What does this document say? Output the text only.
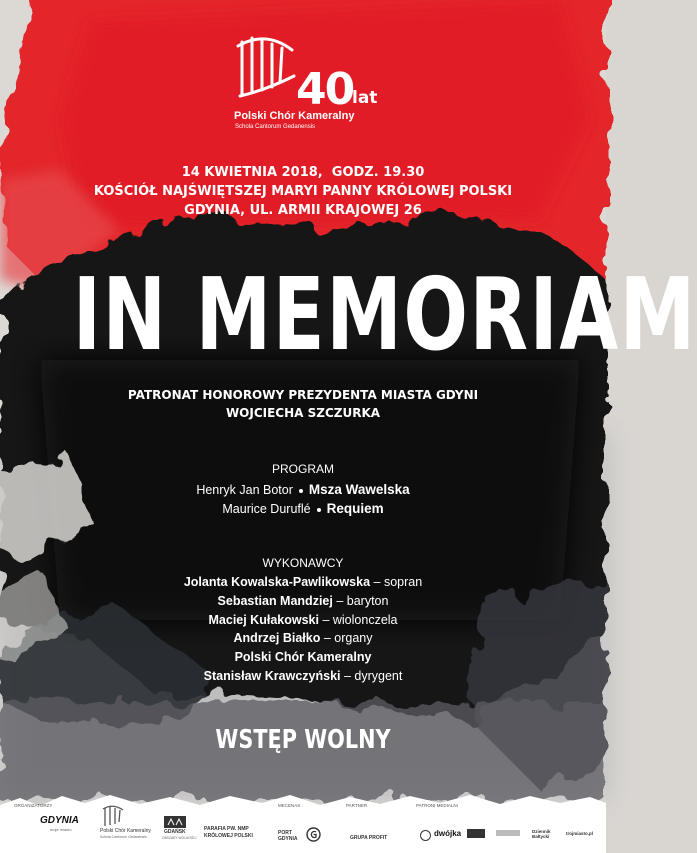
40
lat
Polski Chór Kameralny
Schola Cantorum Gedanensis
14 KWIETNIA 2018,  GODZ. 19.30
KOŚCIÓŁ NAJŚWIĘTSZEJ MARYI PANNY KRÓLOWEJ POLSKI
GDYNIA, UL. ARMII KRAJOWEJ 26
IN MEMORIAM
PATRONAT HONOROWY PREZYDENTA MIASTA GDYNI
WOJCIECHA SZCZURKA
PROGRAM
Henryk Jan Botor Msza Wawelska
Maurice Duruflé Requiem
WYKONAWCY
Jolanta Kowalska-Pawlikowska – sopran
Sebastian Mandziej – baryton
Maciej Kułakowski – wiolonczela
Andrzej Białko – organy
Polski Chór Kameralny
Stanisław Krawczyński – dyrygent
WSTĘP WOLNY
ORGANIZATORZY
GDYNIA
moje miasto	Polski Chór Kameralny
Schola Cantorum Gedanensis
GDAŃSK
OBSZARY WOLNOŚCI
PARAFIA PW. NMP KRÓLOWEJ POLSKI
MECENAS
PORT GDYNIA
PARTNER
GRUPA PROFIT
PATRONI MEDIALNI
dwójka	Dziennik Bałtycki
trojmiasto.pl
